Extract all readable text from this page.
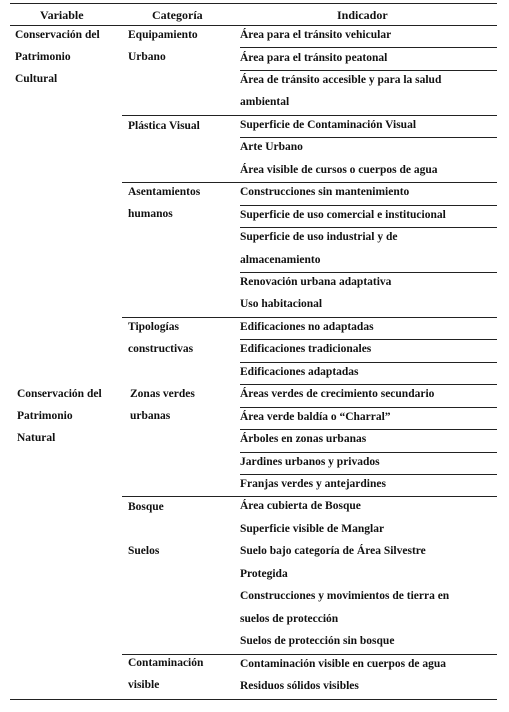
Variable	Categoría	Indicador
Conservación del
Patrimonio
Cultural
Conservación del
Patrimonio
Natural
Equipamiento
Urbano
Plástica Visual
Asentamientos
humanos
Tipologías
constructivas
Zonas verdes
urbanas
Bosque
Suelos
Contaminación
visible
Área para el tránsito vehicular
Área para el tránsito peatonal
Área de tránsito accesible y para la salud
ambiental
Superficie de Contaminación Visual
Arte Urbano
Área visible de cursos o cuerpos de agua
Construcciones sin mantenimiento
Superficie de uso comercial e institucional
Superficie de uso industrial y de
almacenamiento
Renovación urbana adaptativa
Uso habitacional
Edificaciones no adaptadas
Edificaciones tradicionales
Edificaciones adaptadas
Áreas verdes de crecimiento secundario
Área verde baldía o “Charral”
Árboles en zonas urbanas
Jardines urbanos y privados
Franjas verdes y antejardines
Área cubierta de Bosque
Superficie visible de Manglar
Suelo bajo categoría de Área Silvestre
Protegida
Construcciones y movimientos de tierra en
suelos de protección
Suelos de protección sin bosque
Contaminación visible en cuerpos de agua
Residuos sólidos visibles
